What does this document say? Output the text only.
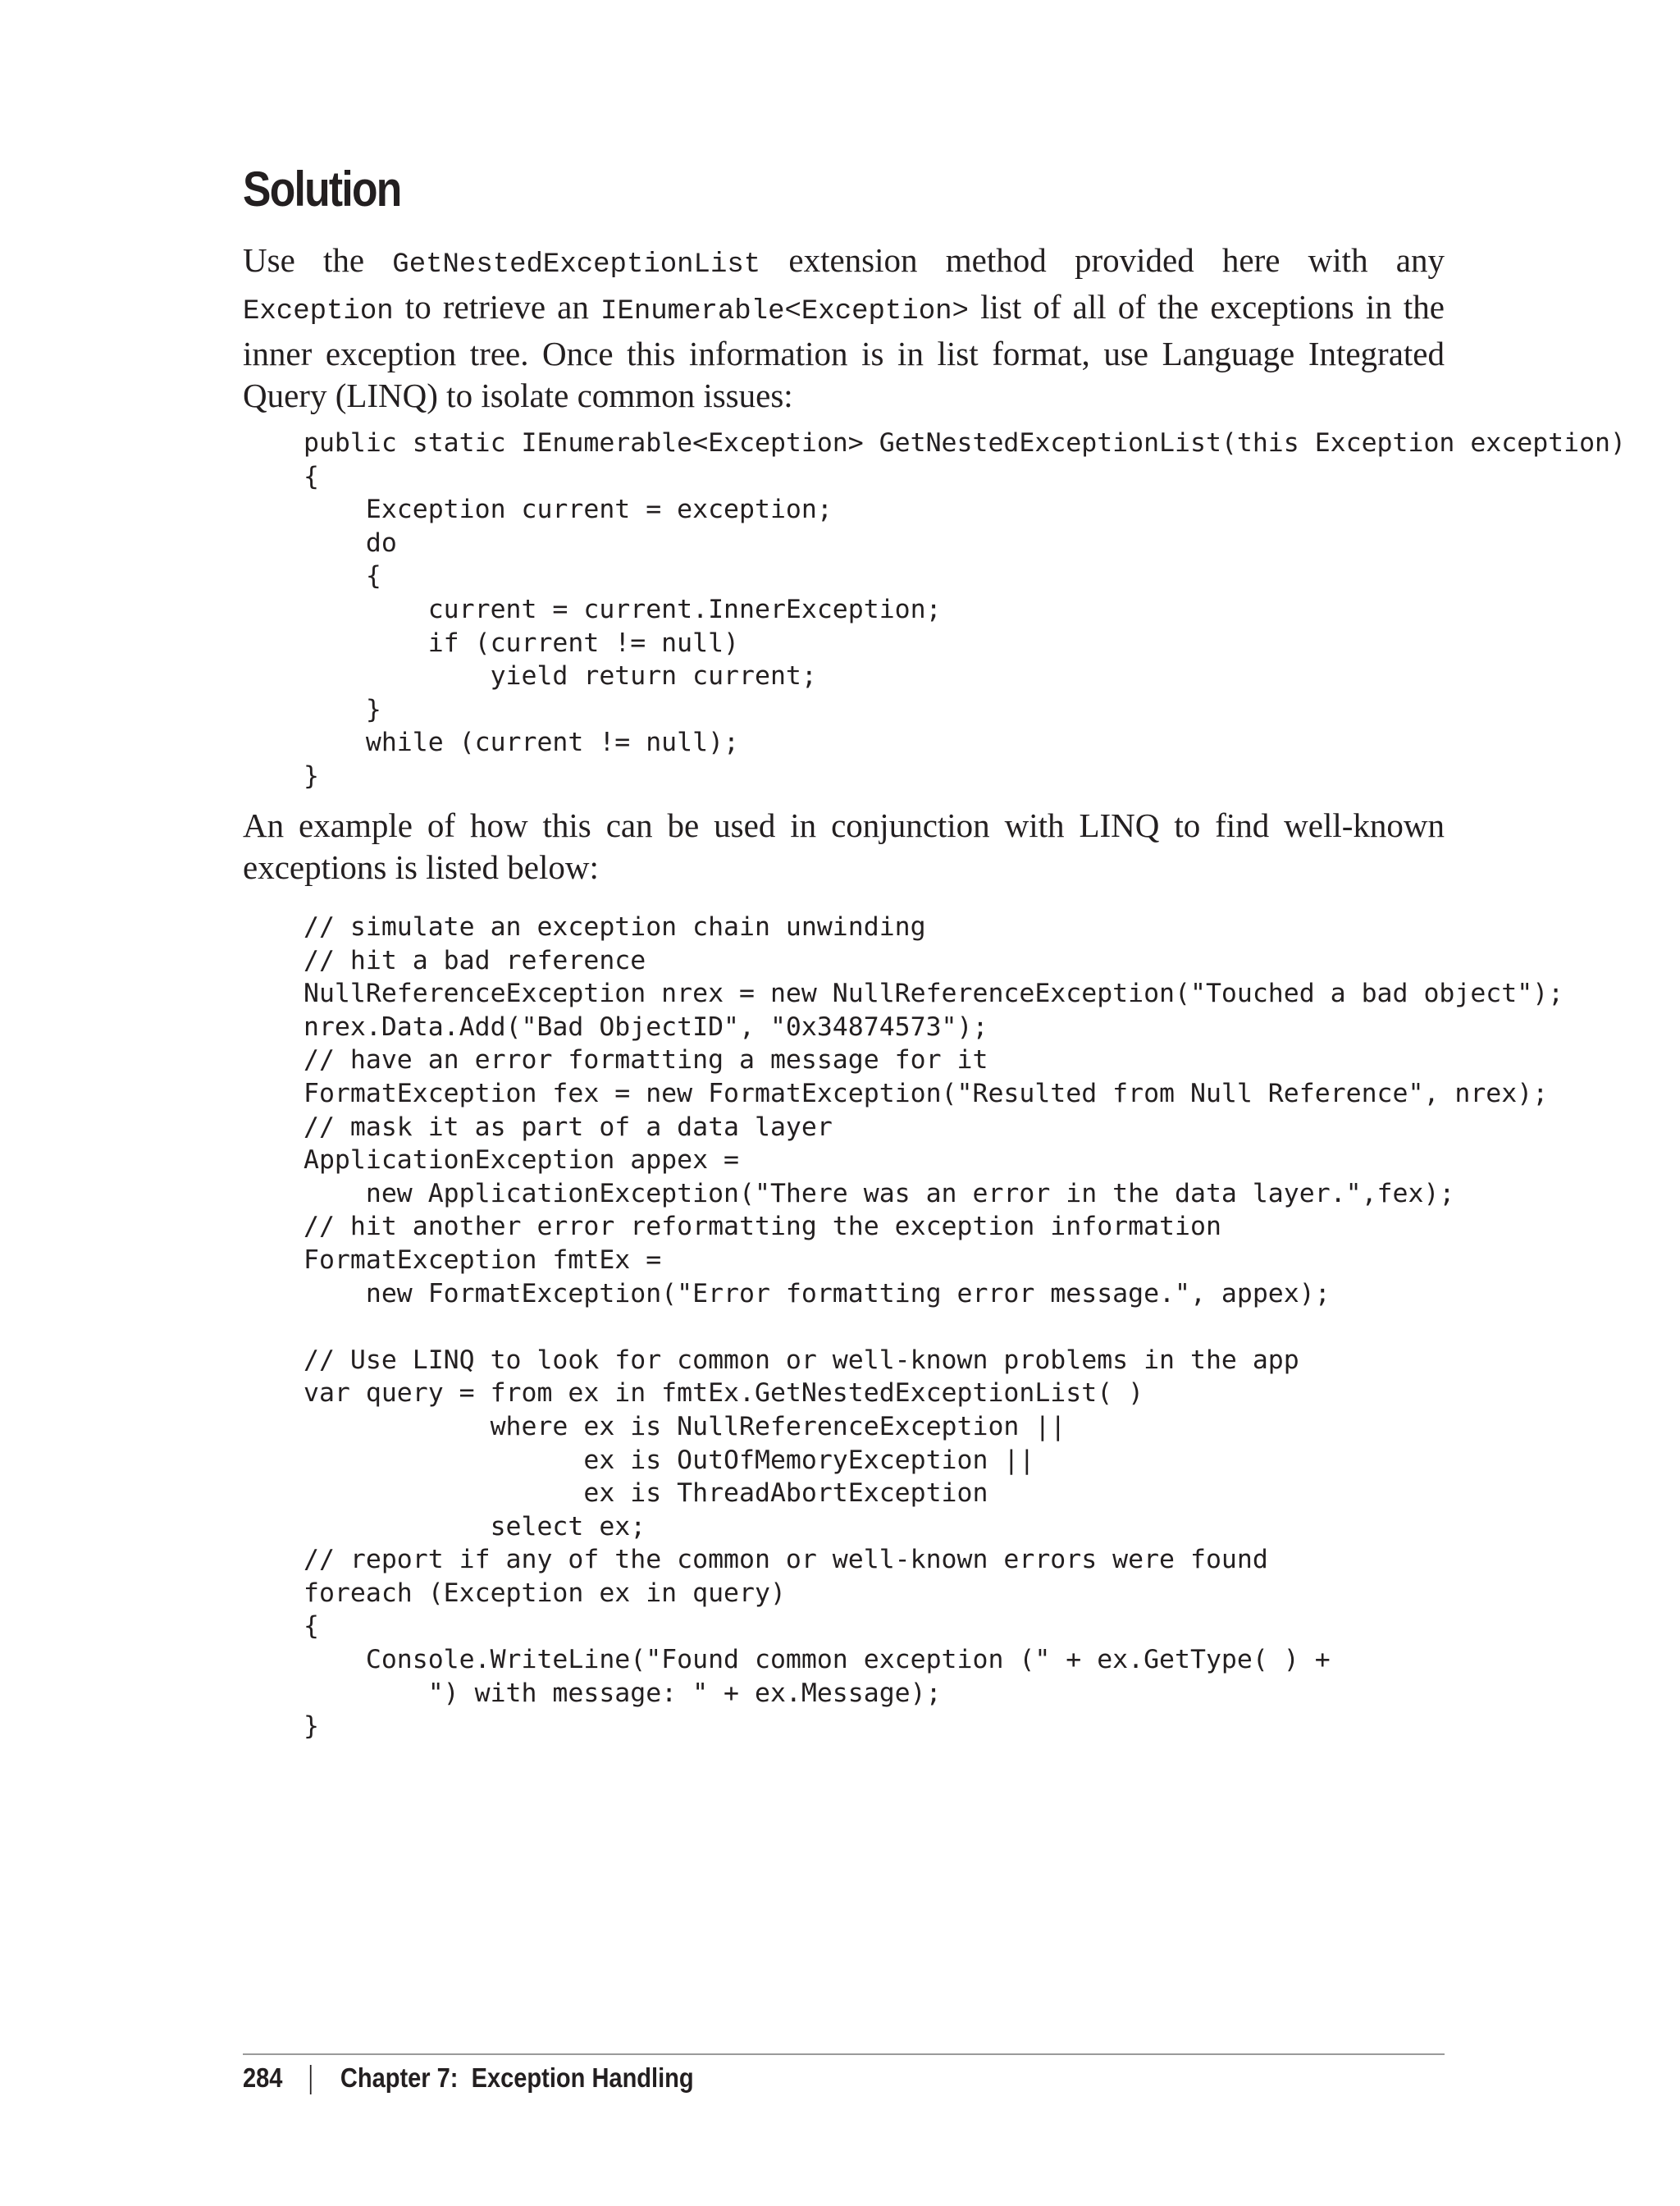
Solution

Use the GetNestedExceptionList extension method provided here with any Exception to retrieve an IEnumerable<Exception> list of all of the exceptions in the inner exception tree. Once this information is in list format, use Language Integrated Query (LINQ) to isolate common issues:

public static IEnumerable<Exception> GetNestedExceptionList(this Exception exception)
{
Exception current = exception;
do
{
current = current.InnerException;
if (current != null)
yield return current;
}
while (current != null);
}

An example of how this can be used in conjunction with LINQ to find well-known exceptions is listed below:

// simulate an exception chain unwinding
// hit a bad reference
NullReferenceException nrex = new NullReferenceException("Touched a bad object");
nrex.Data.Add("Bad ObjectID", "0x34874573");
// have an error formatting a message for it
FormatException fex = new FormatException("Resulted from Null Reference", nrex);
// mask it as part of a data layer
ApplicationException appex =
new ApplicationException("There was an error in the data layer.",fex);
// hit another error reformatting the exception information
FormatException fmtEx =
new FormatException("Error formatting error message.", appex);
// Use LINQ to look for common or well-known problems in the app
var query = from ex in fmtEx.GetNestedExceptionList( )
where ex is NullReferenceException ||
ex is OutOfMemoryException ||
ex is ThreadAbortException
select ex;
// report if any of the common or well-known errors were found
foreach (Exception ex in query)
{
Console.WriteLine("Found common exception (" + ex.GetType( ) +
") with message: " + ex.Message);
}
284 Chapter 7:  Exception Handling
